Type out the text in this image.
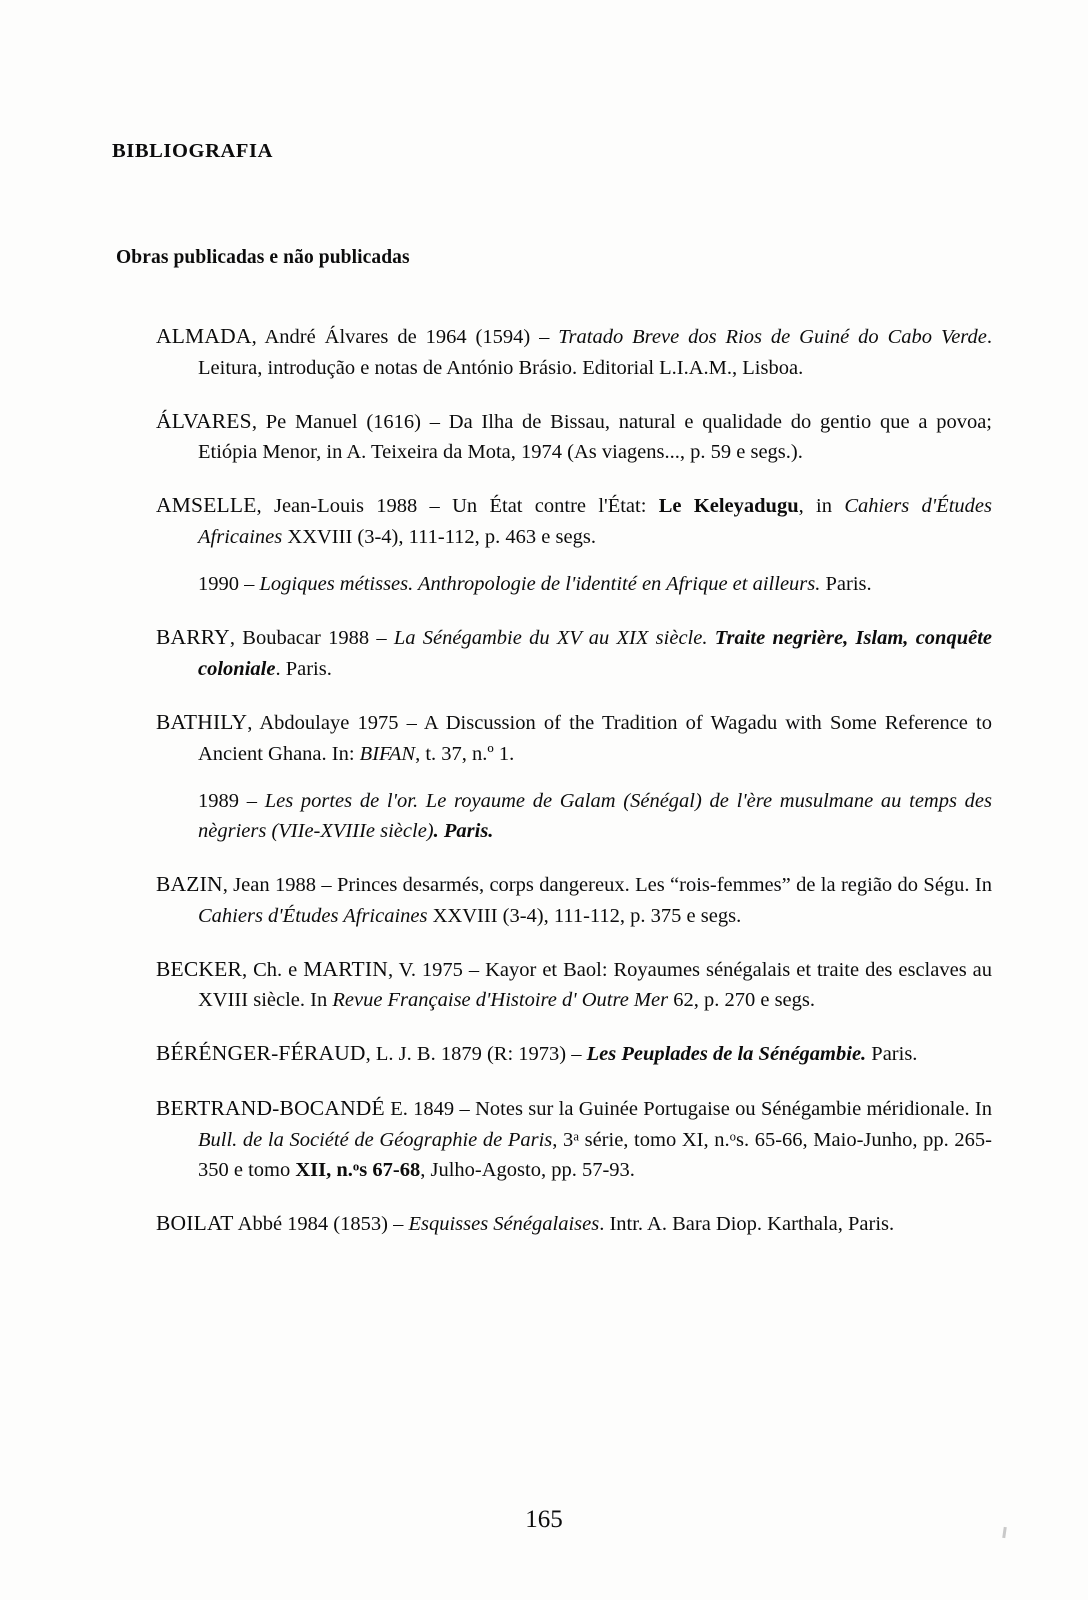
BIBLIOGRAFIA
Obras publicadas e não publicadas

ALMADA, André Álvares de 1964 (1594) – Tratado Breve dos Rios de Guiné do Cabo Verde. Leitura, introdução e notas de António Brásio. Editorial L.I.A.M., Lisboa.

ÁLVARES, Pe Manuel (1616) – Da Ilha de Bissau, natural e qualidade do gentio que a povoa; Etiópia Menor, in A. Teixeira da Mota, 1974 (As viagens..., p. 59 e segs.).

AMSELLE, Jean-Louis 1988 – Un État contre l'État: Le Keleyadugu, in Cahiers d'Études Africaines XXVIII (3-4), 111-112, p. 463 e segs.

1990 – Logiques métisses. Anthropologie de l'identité en Afrique et ailleurs. Paris.

BARRY, Boubacar 1988 – La Sénégambie du XV au XIX siècle. Traite negrière, Islam, conquête coloniale. Paris.

BATHILY, Abdoulaye 1975 – A Discussion of the Tradition of Wagadu with Some Reference to Ancient Ghana. In: BIFAN, t. 37, n.º 1.

1989 – Les portes de l'or. Le royaume de Galam (Sénégal) de l'ère musulmane au temps des nègriers (VIIe-XVIIIe siècle). Paris.

BAZIN, Jean 1988 – Princes desarmés, corps dangereux. Les “rois-femmes” de la região do Ségu. In Cahiers d'Études Africaines XXVIII (3-4), 111-112, p. 375 e segs.

BECKER, Ch. e MARTIN, V. 1975 – Kayor et Baol: Royaumes sénégalais et traite des esclaves au XVIII siècle. In Revue Française d'Histoire d' Outre Mer 62, p. 270 e segs.

BÉRÉNGER-FÉRAUD, L. J. B. 1879 (R: 1973) – Les Peuplades de la Sénégambie. Paris.

BERTRAND-BOCANDÉ E. 1849 – Notes sur la Guinée Portugaise ou Sénégambie méridionale. In Bull. de la Société de Géographie de Paris, 3$^a$ série, tomo XI, n.$^o$s. 65-66, Maio-Junho, pp. 265-350 e tomo XII, n.$^o$s 67-68, Julho-Agosto, pp. 57-93.

BOILAT Abbé 1984 (1853) – Esquisses Sénégalaises. Intr. A. Bara Diop. Karthala, Paris.

165
